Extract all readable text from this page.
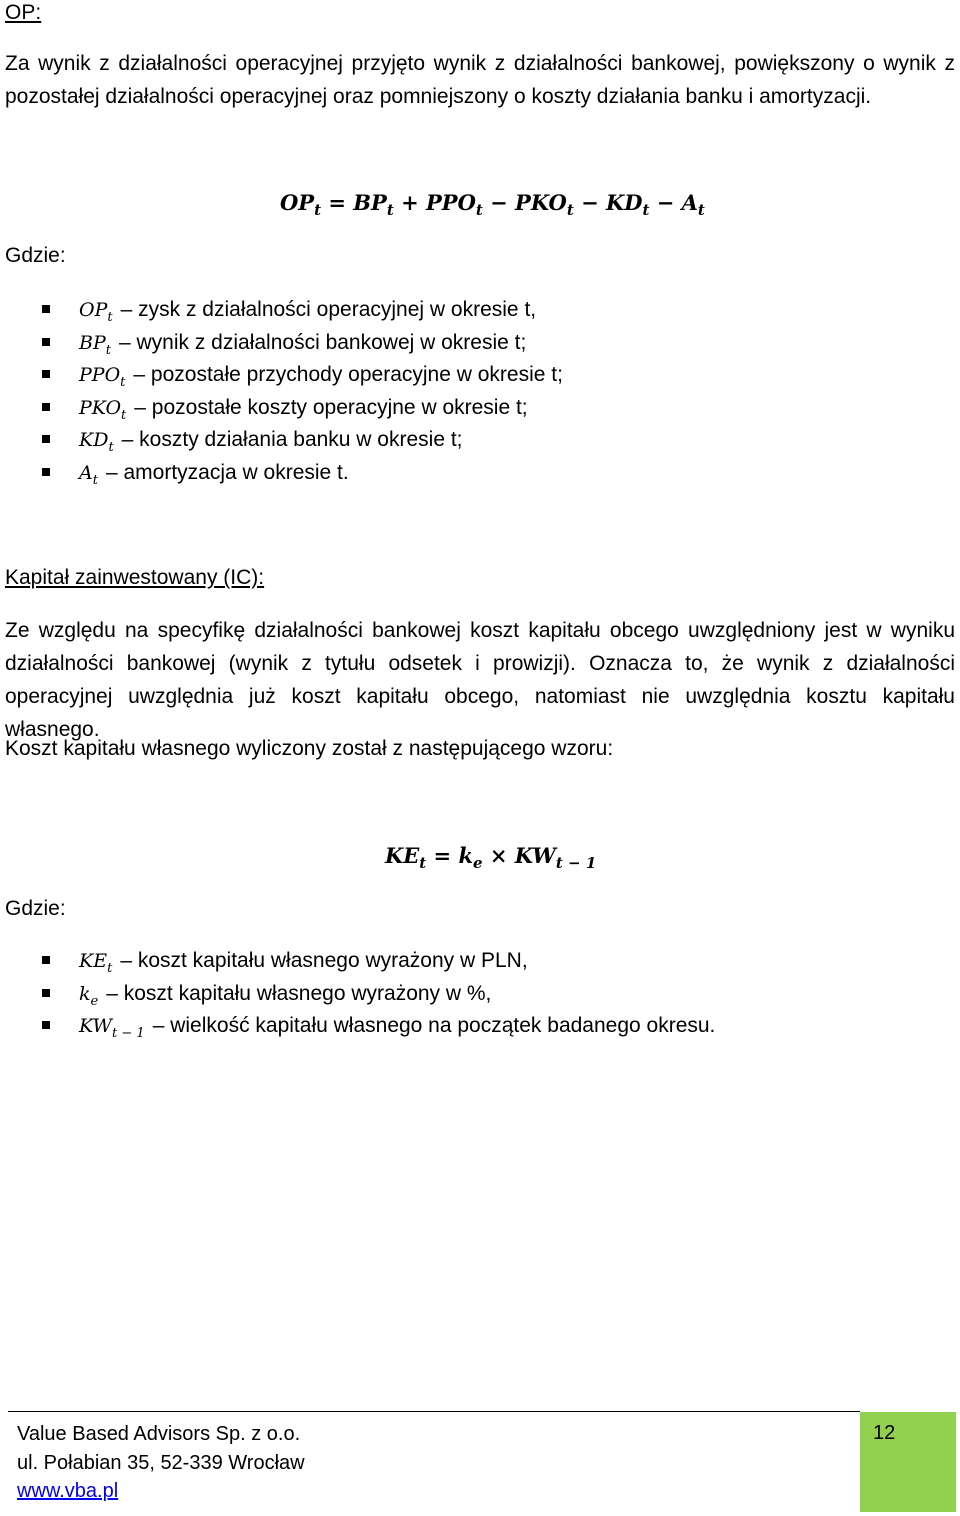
OP:
Za wynik z działalności operacyjnej przyjęto wynik z działalności bankowej, powiększony o wynik z pozostałej działalności operacyjnej oraz pomniejszony o koszty działania banku i amortyzacji.
$OP_t = BP_t + PPO_t - PKO_t - KD_t - A_t$
Gdzie:
$OP_t$ – zysk z działalności operacyjnej w okresie t,
$BP_t$ – wynik z działalności bankowej w okresie t;
$PPO_t$ – pozostałe przychody operacyjne w okresie t;
$PKO_t$ – pozostałe koszty operacyjne w okresie t;
$KD_t$ – koszty działania banku w okresie t;
$A_t$ – amortyzacja w okresie t.
Kapitał zainwestowany (IC):
Ze względu na specyfikę działalności bankowej koszt kapitału obcego uwzględniony jest w wyniku działalności bankowej (wynik z tytułu odsetek i prowizji). Oznacza to, że wynik z działalności operacyjnej uwzględnia już koszt kapitału obcego, natomiast nie uwzględnia kosztu kapitału własnego.
Koszt kapitału własnego wyliczony został z następującego wzoru:
$KE_t = k_e \times KW_{t - 1}$
Gdzie:
$KE_t$ – koszt kapitału własnego wyrażony w PLN,
$k_e$ – koszt kapitału własnego wyrażony w %,
$KW_{t - 1}$ – wielkość kapitału własnego na początek badanego okresu.
Value Based Advisors Sp. z o.o.
ul. Połabian 35, 52-339 Wrocław
www.vba.pl
12
